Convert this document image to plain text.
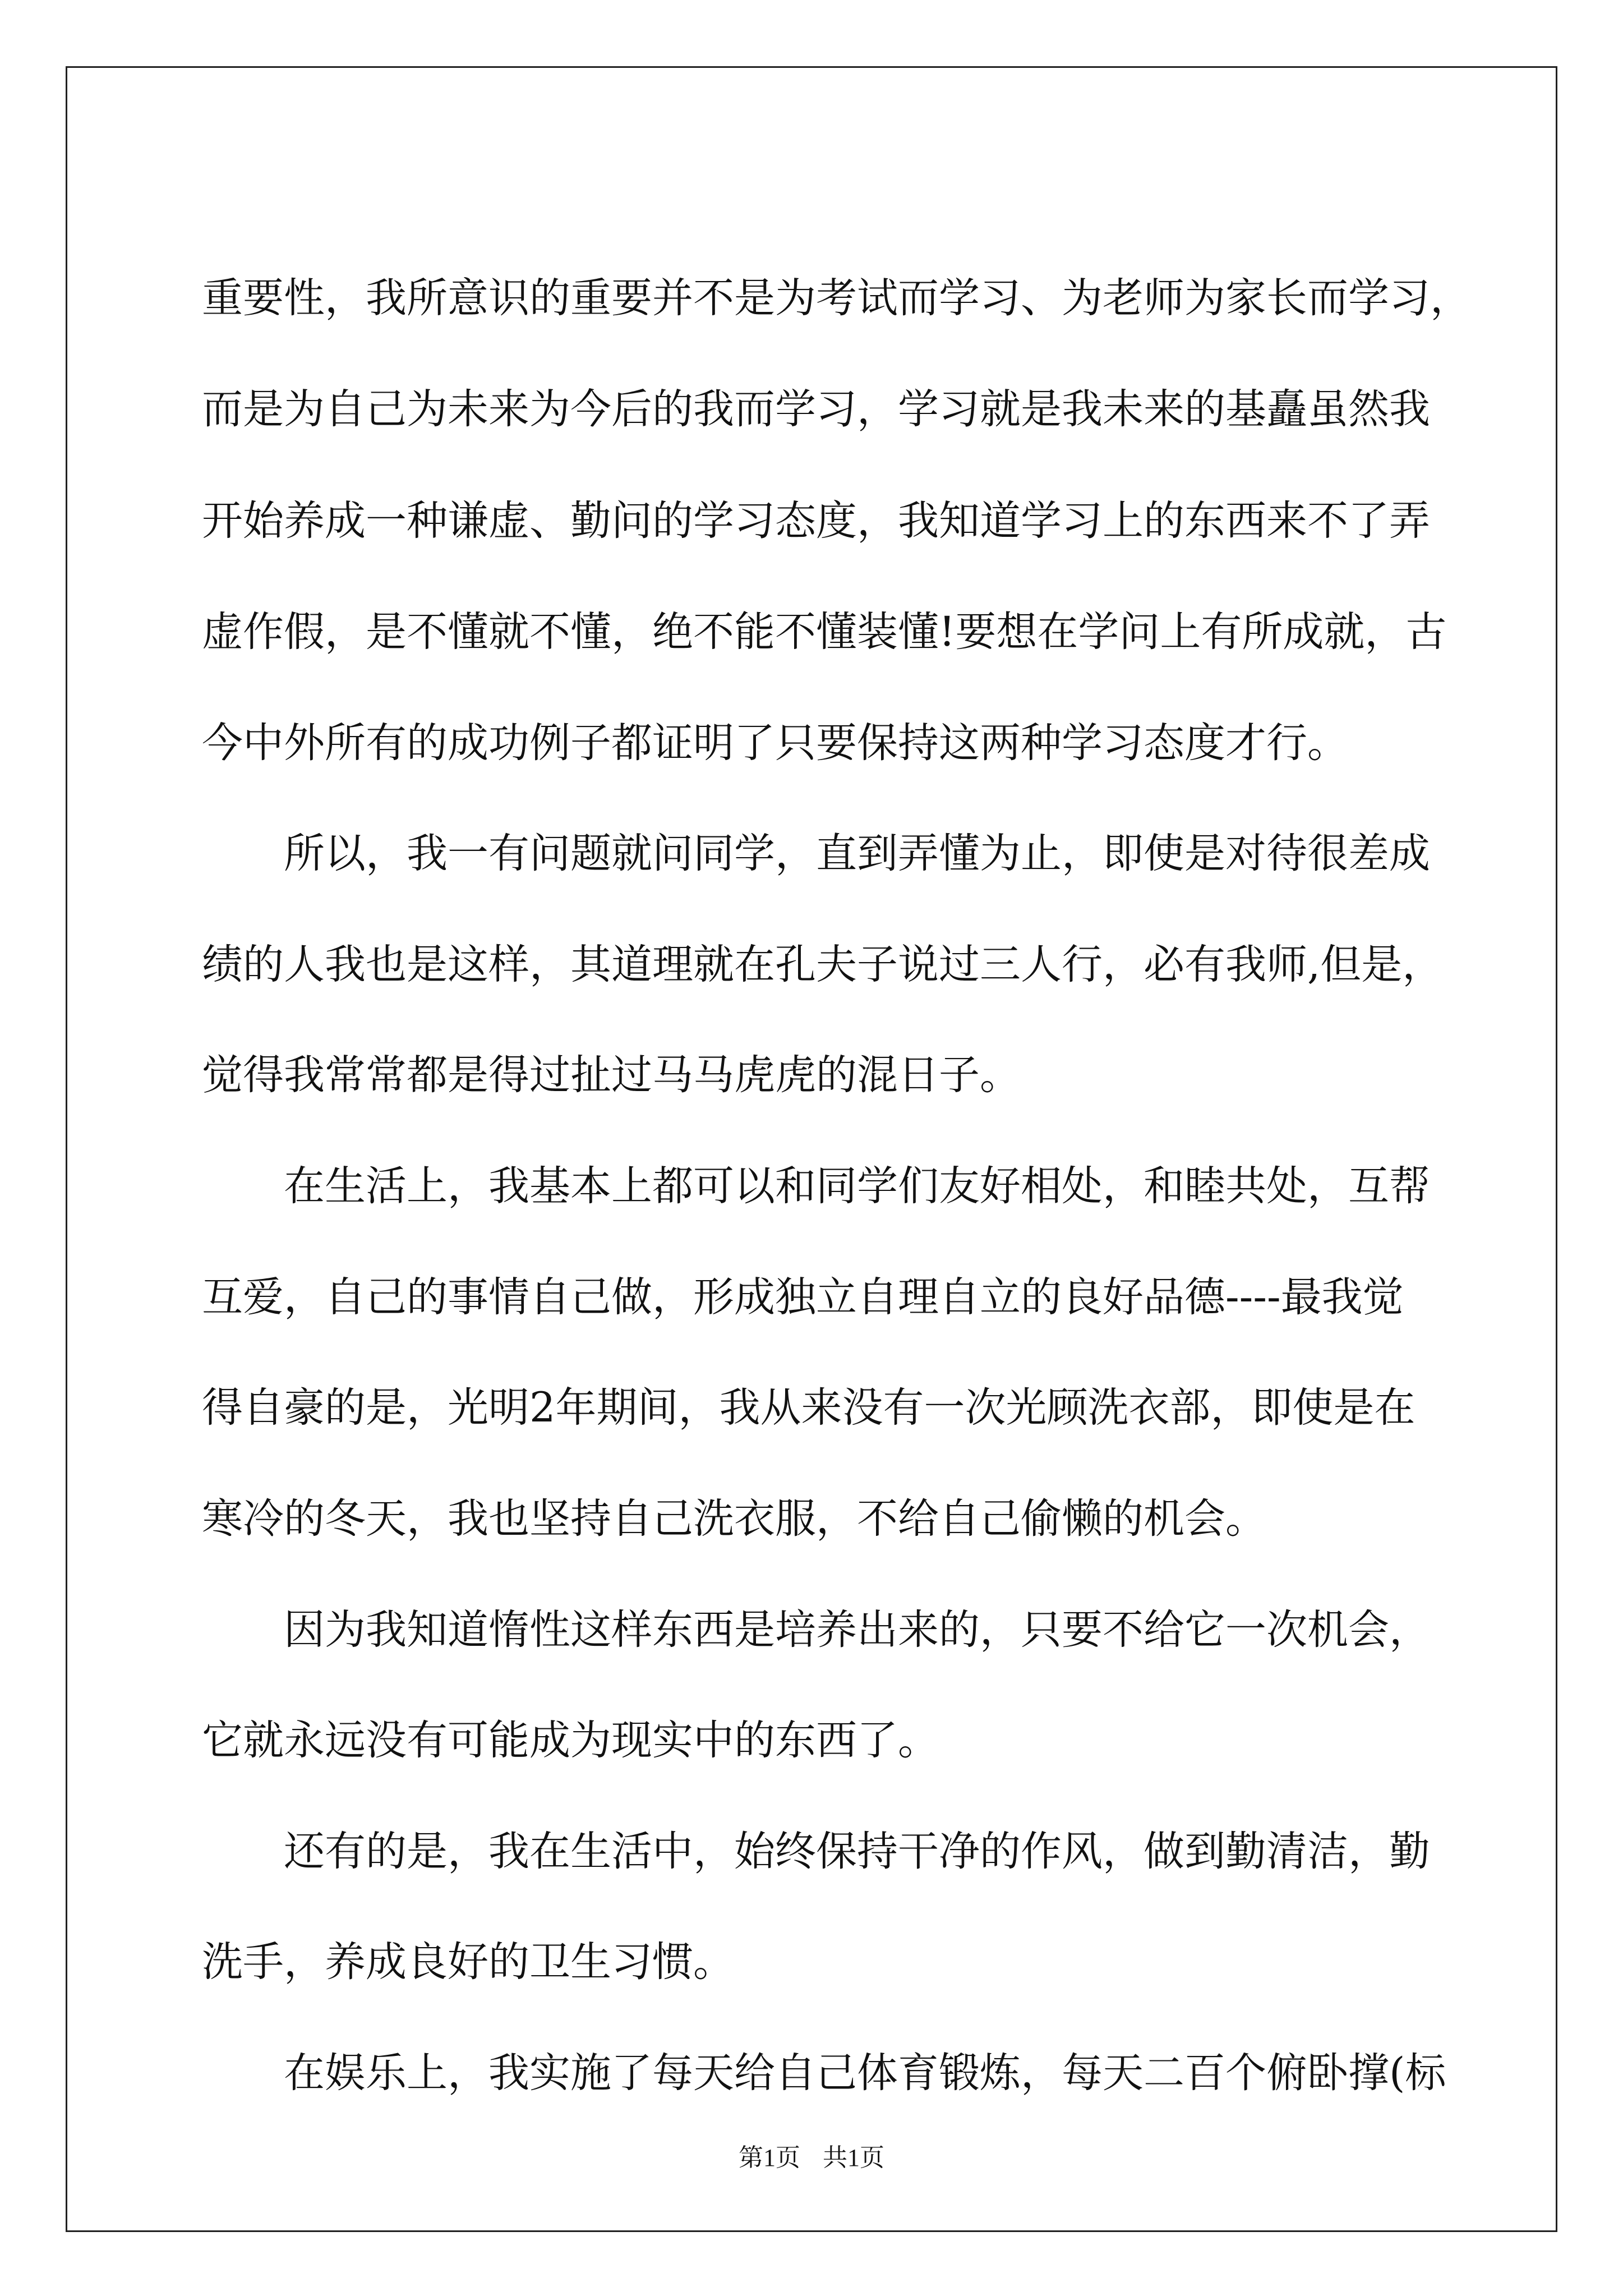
重要性，我所意识的重要并不是为考试而学习、为老师为家长而学习，
而是为自己为未来为今后的我而学习，学习就是我未来的基矗虽然我
开始养成一种谦虚、勤问的学习态度，我知道学习上的东西来不了弄
虚作假，是不懂就不懂，绝不能不懂装懂!要想在学问上有所成就，古
今中外所有的成功例子都证明了只要保持这两种学习态度才行。
所以，我一有问题就问同学，直到弄懂为止，即使是对待很差成
绩的人我也是这样，其道理就在孔夫子说过三人行，必有我师,但是，
觉得我常常都是得过扯过马马虎虎的混日子。
在生活上，我基本上都可以和同学们友好相处，和睦共处，互帮
互爱，自己的事情自己做，形成独立自理自立的良好品德----最我觉
得自豪的是，光明2年期间，我从来没有一次光顾洗衣部，即使是在
寒冷的冬天，我也坚持自己洗衣服，不给自己偷懒的机会。
因为我知道惰性这样东西是培养出来的，只要不给它一次机会，
它就永远没有可能成为现实中的东西了。
还有的是，我在生活中，始终保持干净的作风，做到勤清洁，勤
洗手，养成良好的卫生习惯。
在娱乐上，我实施了每天给自己体育锻炼，每天二百个俯卧撑(标
第1页 共1页
